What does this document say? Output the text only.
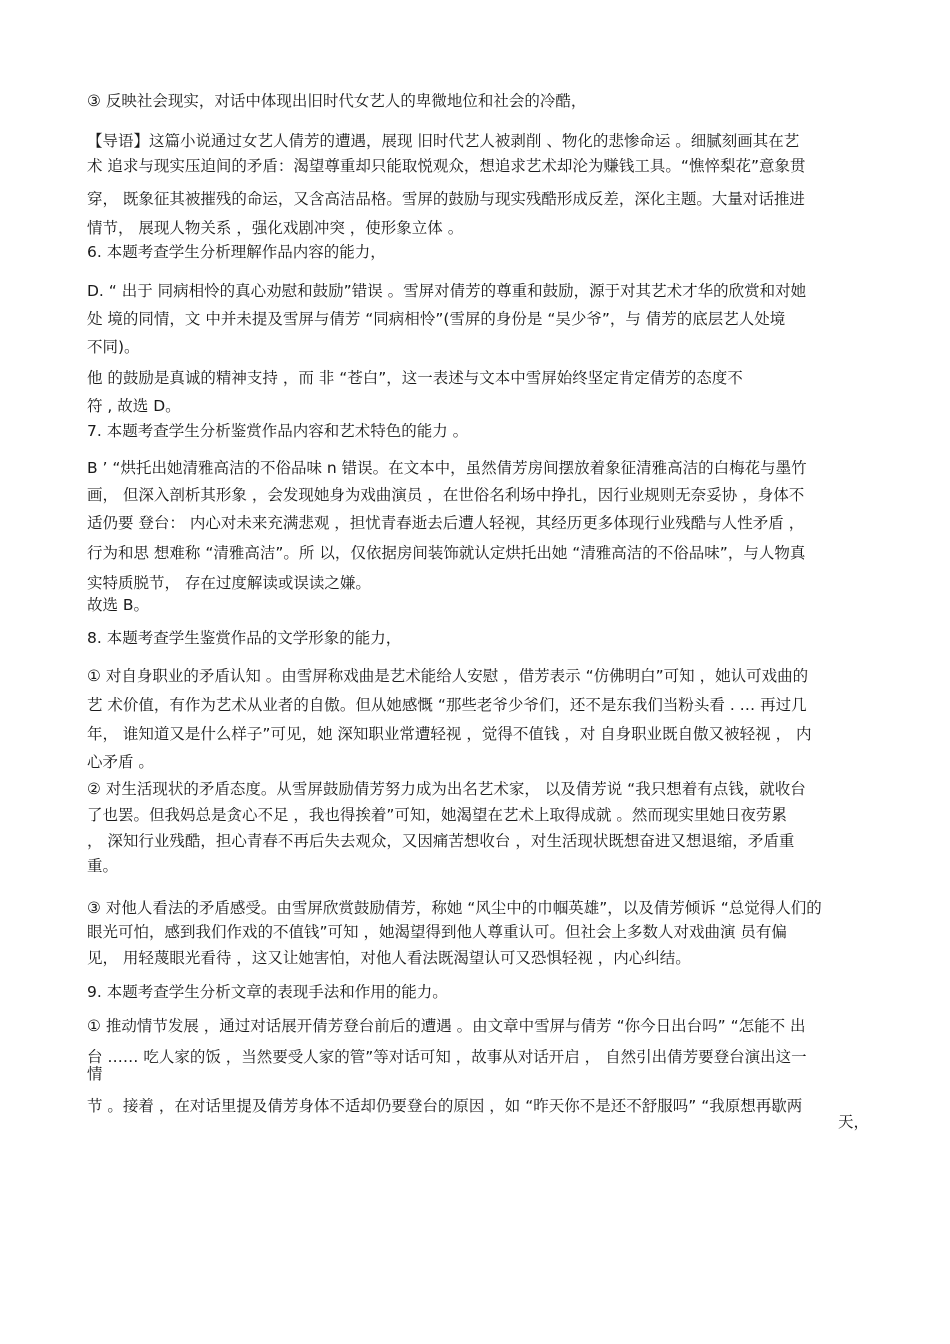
③ 反映社会现实，对话中体现出旧时代女艺人的卑微地位和社会的冷酷，

【导语】这篇小说通过女艺人倩芳的遭遇，展现 旧时代艺人被剥削 、物化的悲惨命运 。细腻刻画其在艺

术 追求与现实压迫间的矛盾：渴望尊重却只能取悦观众，想追求艺术却沦为赚钱工具。“憔悴梨花”意象贯

穿， 既象征其被摧残的命运，又含高洁品格。雪屏的鼓励与现实残酷形成反差，深化主题。大量对话推进

情节， 展现人物关系 ，强化戏剧冲突 ，使形象立体 。

6. 本题考查学生分析理解作品内容的能力，

D. “ 出于 同病相怜的真心劝慰和鼓励”错误 。雪屏对倩芳的尊重和鼓励，源于对其艺术才华的欣赏和对她

处 境的同情，文 中并未提及雪屏与倩芳 “同病相怜”(雪屏的身份是 “吴少爷”，与 倩芳的底层艺人处境

不同)。

他 的鼓励是真诚的精神支持 ，而 非 “苍白”，这一表述与文本中雪屏始终坚定肯定倩芳的态度不

符 , 故选 D。

7. 本题考查学生分析鉴赏作品内容和艺术特色的能力 。

B ’ “烘托出她清雅高洁的不俗品味 n 错误。在文本中，虽然倩芳房间摆放着象征清雅高洁的白梅花与墨竹

画， 但深入剖析其形象 ，会发现她身为戏曲演员 ，在世俗名利场中挣扎，因行业规则无奈妥协 ，身体不

适仍要 登台： 内心对未来充满悲观 ，担忧青春逝去后遭人轻视，其经历更多体现行业残酷与人性矛盾 ，

行为和思 想难称 “清雅高洁”。所 以，仅依据房间装饰就认定烘托出她 “清雅高洁的不俗品味”，与人物真

实特质脱节， 存在过度解读或误读之嫌。

故选 B。

8. 本题考查学生鉴赏作品的文学形象的能力，

① 对自身职业的矛盾认知 。由雪屏称戏曲是艺术能给人安慰 ，借芳表示 “仿佛明白”可知 ，她认可戏曲的

艺 术价值，有作为艺术从业者的自傲。但从她感慨 “那些老爷少爷们，还不是东我们当粉头看 . … 再过几

年， 谁知道又是什么样子”可见，她 深知职业常遭轻视 ，觉得不值钱 ，对 自身职业既自傲又被轻视 ， 内

心矛盾 。

② 对生活现状的矛盾态度。从雪屏鼓励倩芳努力成为出名艺术家， 以及倩芳说 “我只想着有点钱，就收台

了也罢。但我妈总是贪心不足 ，我也得挨着”可知，她渴望在艺术上取得成就 。然而现实里她日夜劳累

， 深知行业残酷，担心青春不再后失去观众，又因痛苦想收台 ，对生活现状既想奋进又想退缩，矛盾重

重。

③ 对他人看法的矛盾感受。由雪屏欣赏鼓励倩芳，称她 “风尘中的巾帼英雄”，以及倩芳倾诉 “总觉得人们的

眼光可怕，感到我们作戏的不值钱”可知 ，她渴望得到他人尊重认可。但社会上多数人对戏曲演 员有偏

见， 用轻蔑眼光看待 ，这又让她害怕，对他人看法既渴望认可又恐惧轻视 ，内心纠结。

9. 本题考查学生分析文章的表现手法和作用的能力。

① 推动情节发展 ，通过对话展开倩芳登台前后的遭遇 。由文章中雪屏与倩芳 “你今日出台吗” “怎能不 出

台 …… 吃人家的饭 ，当然要受人家的管”等对话可知 ，故事从对话开启 ， 自然引出倩芳要登台演出这一

情

节 。接着 ，在对话里提及倩芳身体不适却仍要登台的原因 ，如 “昨天你不是还不舒服吗” “我原想再歇两

天，
